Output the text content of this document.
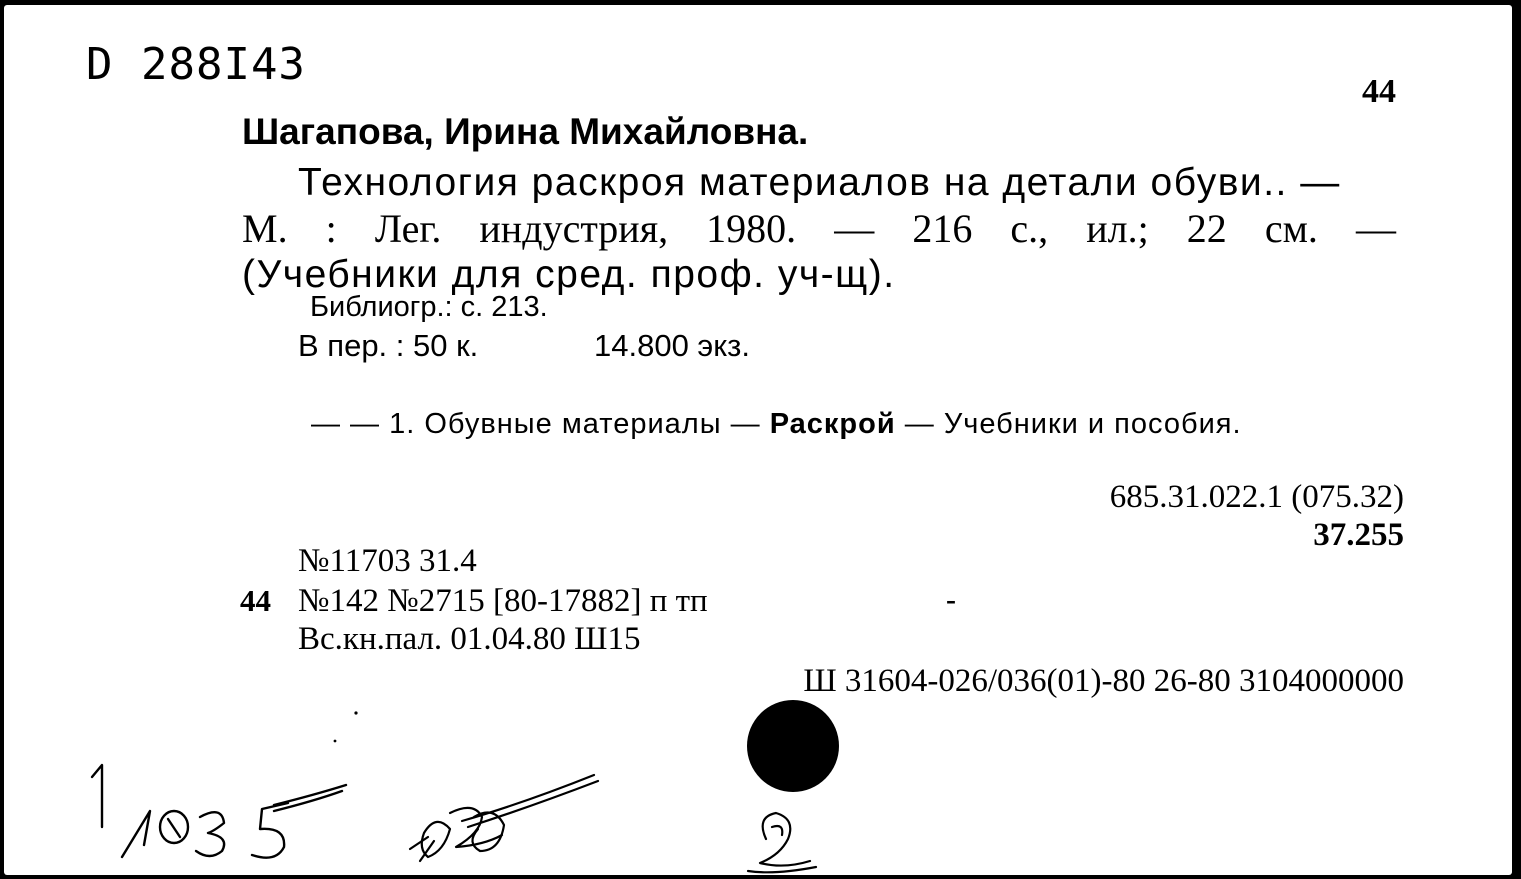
D 288I43
44
Шагапова, Ирина Михайловна.
Технология раскроя материалов на детали обуви.. —
М. : Лег. индустрия, 1980. — 216 с., ил.; 22 см. —
(Учебники для сред. проф. уч-щ).
Библиогр.: с. 213.
В пер. : 50 к.	14.800 экз.
— — 1. Обувные материалы — Раскрой — Учебники и пособия.
685.31.022.1 (075.32)
37.255
№11703 31.4
44 №142 №2715 [80-17882] п тп	-
Вс.кн.пал. 01.04.80 Ш15
Ш 31604-026/036(01)-80 26-80 3104000000
